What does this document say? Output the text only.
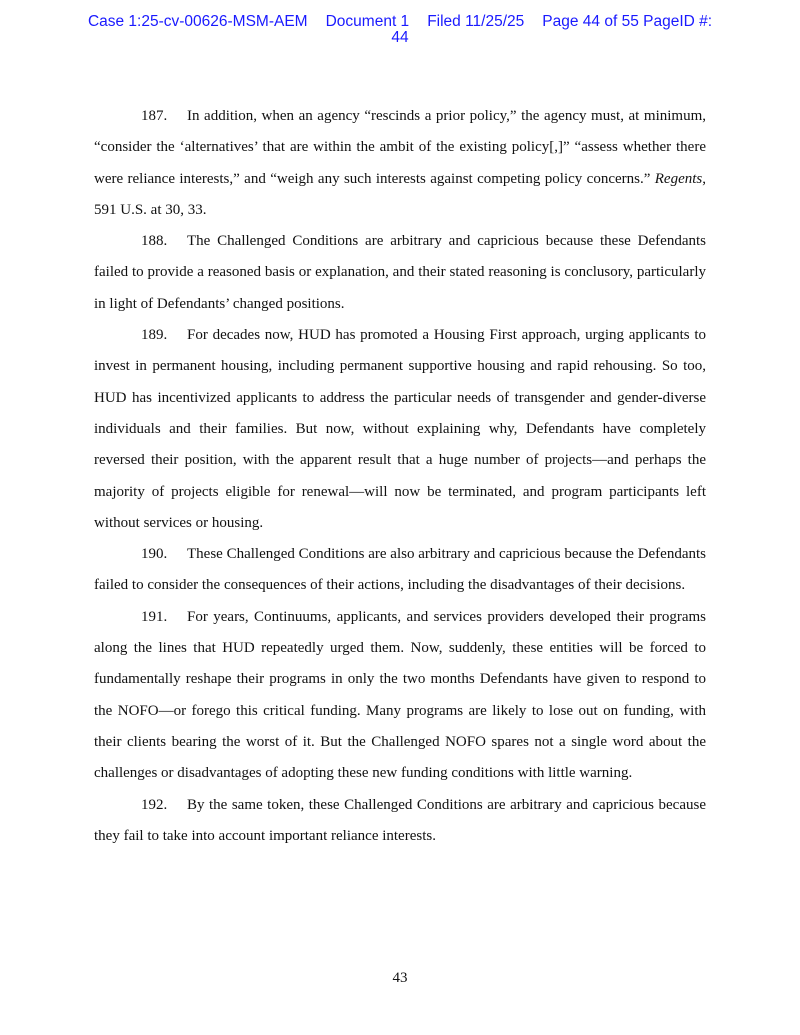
Case 1:25-cv-00626-MSM-AEM Document 1 Filed 11/25/25 Page 44 of 55 PageID #:
44

187. In addition, when an agency “rescinds a prior policy,” the agency must, at minimum, “consider the ‘alternatives’ that are within the ambit of the existing policy[,]” “assess whether there were reliance interests,” and “weigh any such interests against competing policy concerns.” Regents, 591 U.S. at 30, 33.

188. The Challenged Conditions are arbitrary and capricious because these Defendants failed to provide a reasoned basis or explanation, and their stated reasoning is conclusory, particularly in light of Defendants’ changed positions.

189. For decades now, HUD has promoted a Housing First approach, urging applicants to invest in permanent housing, including permanent supportive housing and rapid rehousing. So too, HUD has incentivized applicants to address the particular needs of transgender and gender-diverse individuals and their families. But now, without explaining why, Defendants have completely reversed their position, with the apparent result that a huge number of projects—and perhaps the majority of projects eligible for renewal—will now be terminated, and program participants left without services or housing.

190. These Challenged Conditions are also arbitrary and capricious because the Defendants failed to consider the consequences of their actions, including the disadvantages of their decisions.

191. For years, Continuums, applicants, and services providers developed their programs along the lines that HUD repeatedly urged them. Now, suddenly, these entities will be forced to fundamentally reshape their programs in only the two months Defendants have given to respond to the NOFO—or forego this critical funding. Many programs are likely to lose out on funding, with their clients bearing the worst of it. But the Challenged NOFO spares not a single word about the challenges or disadvantages of adopting these new funding conditions with little warning.

192. By the same token, these Challenged Conditions are arbitrary and capricious because they fail to take into account important reliance interests.

43
